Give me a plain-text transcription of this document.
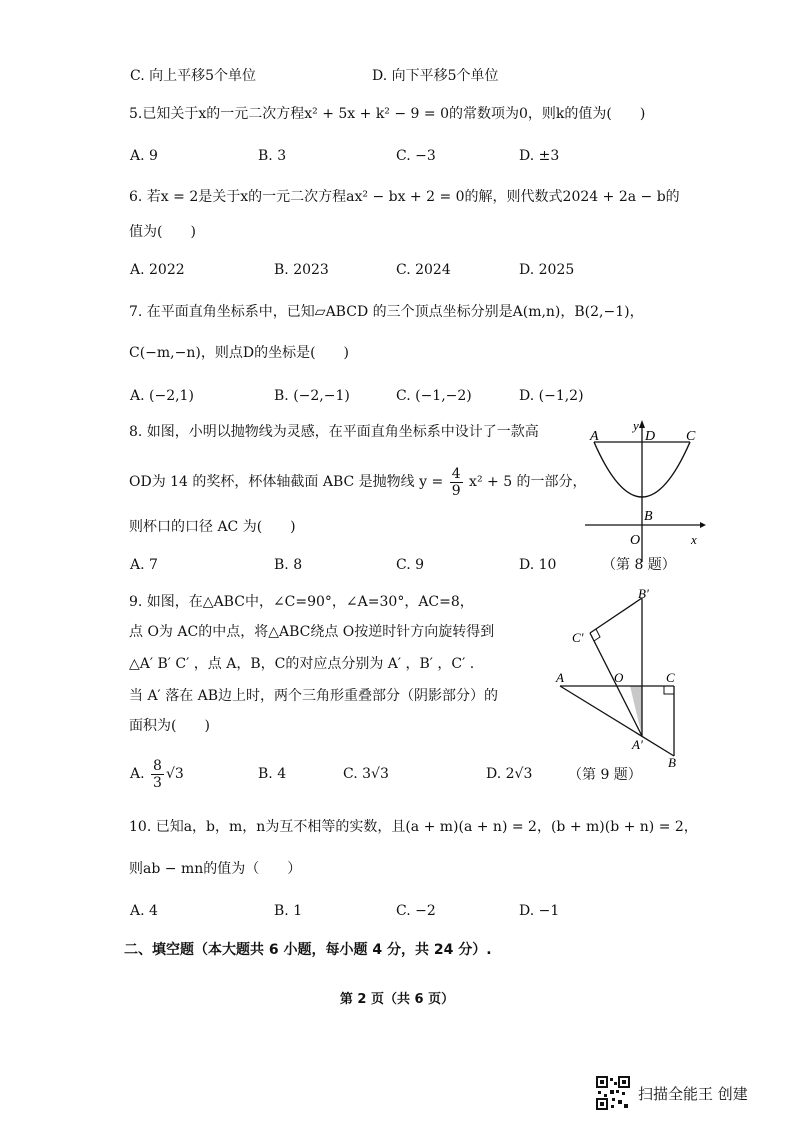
C. 向上平移5个单位	D. 向下平移5个单位
5.已知关于x的一元二次方程x² + 5x + k² − 9 = 0的常数项为0，则k的值为(　　)
A. 9	B. 3	C. −3	D. ±3
6. 若x = 2是关于x的一元二次方程ax² − bx + 2 = 0的解，则代数式2024 + 2a − b的
值为(　　)
A. 2022	B. 2023	C. 2024	D. 2025
7. 在平面直角坐标系中，已知▱ABCD 的三个顶点坐标分别是A(m,n)，B(2,−1)，
C(−m,−n)，则点D的坐标是(　　)
A. (−2,1)	B. (−2,−1)	C. (−1,−2)	D. (−1,2)
8. 如图，小明以抛物线为灵感，在平面直角坐标系中设计了一款高
OD为 14 的奖杯，杯体轴截面 ABC 是抛物线 $y = \frac{4}{9} x^2 + 5$ 的一部分，
则杯口的口径 AC 为(　　)
A. 7	B. 8	C. 9	D. 10
A	D C
B
O	x
y
（第 8 题）
9. 如图，在△ABC中，∠C=90°，∠A=30°，AC=8，
点 O为 AC的中点，将△ABC绕点 O按逆时针方向旋转得到
△A′ B′ C′ ，点 A，B，C的对应点分别为 A′ ，B′ ，C′ .
当 A′ 落在 AB边上时，两个三角形重叠部分（阴影部分）的
面积为(　　)
A. $\frac{8}{3} √3$	B. 4	C. 3√3	D. 2√3
B′
C′
A	O	C
A′
B
（第 9 题）
10. 已知a，b，m，n为互不相等的实数，且(a + m)(a + n) = 2，(b + m)(b + n) = 2，
则ab − mn的值为（　　）
A. 4	B. 1	C. −2	D. −1
二、填空题（本大题共 6 小题，每小题 4 分，共 24 分）.
第 2 页（共 6 页）
扫描全能王 创建
